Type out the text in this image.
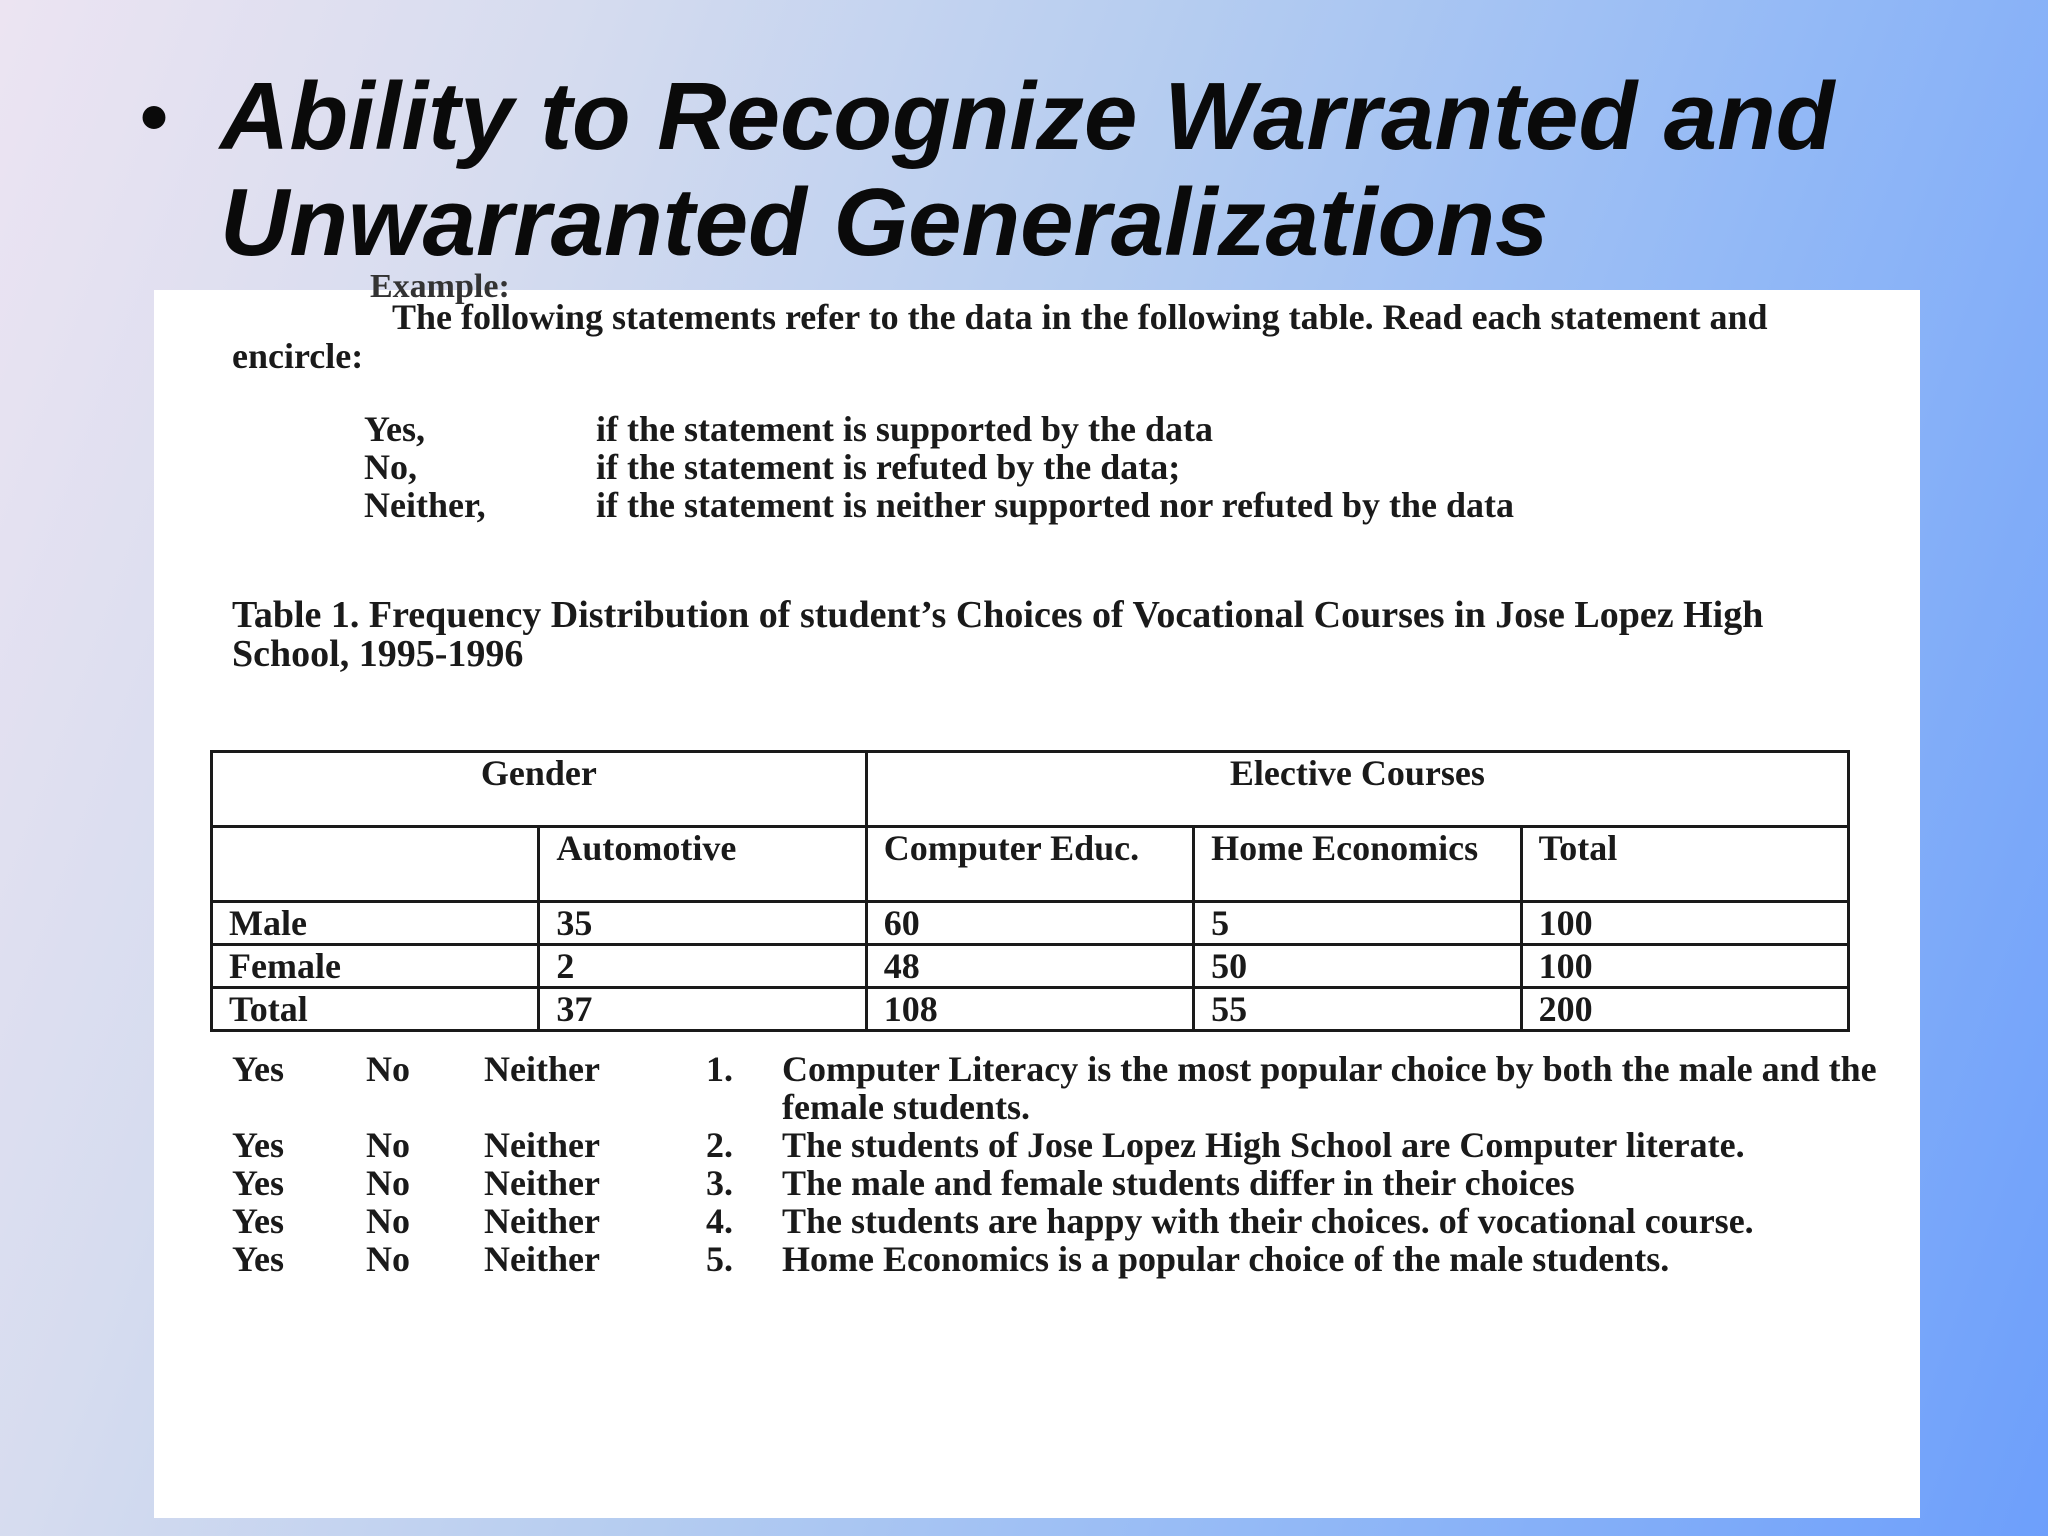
• Ability to Recognize Warranted and Unwarranted Generalizations
Example:

The following statements refer to the data in the following table. Read each statement and encircle:

Yes,	if the statement is supported by the data
No,	if the statement is refuted by the data;
Neither,	if the statement is neither supported nor refuted by the data

Table 1. Frequency Distribution of student’s Choices of Vocational Courses in Jose Lopez High School, 1995-1996

Gender		Elective Courses		
	Automotive	Computer Educ.	Home Economics	Total
Male	35	60	5	100
Female	2	48	50	100
Total	37	108	55	200
Yes	No	Neither	1.	Computer Literacy is the most popular choice by both the male and the female students.
Yes	No	Neither	2.	The students of Jose Lopez High School are Computer literate.
Yes	No	Neither	3.	The male and female students differ in their choices
Yes	No	Neither	4.	The students are happy with their choices. of vocational course.
Yes	No	Neither	5.	Home Economics is a popular choice of the male students.
